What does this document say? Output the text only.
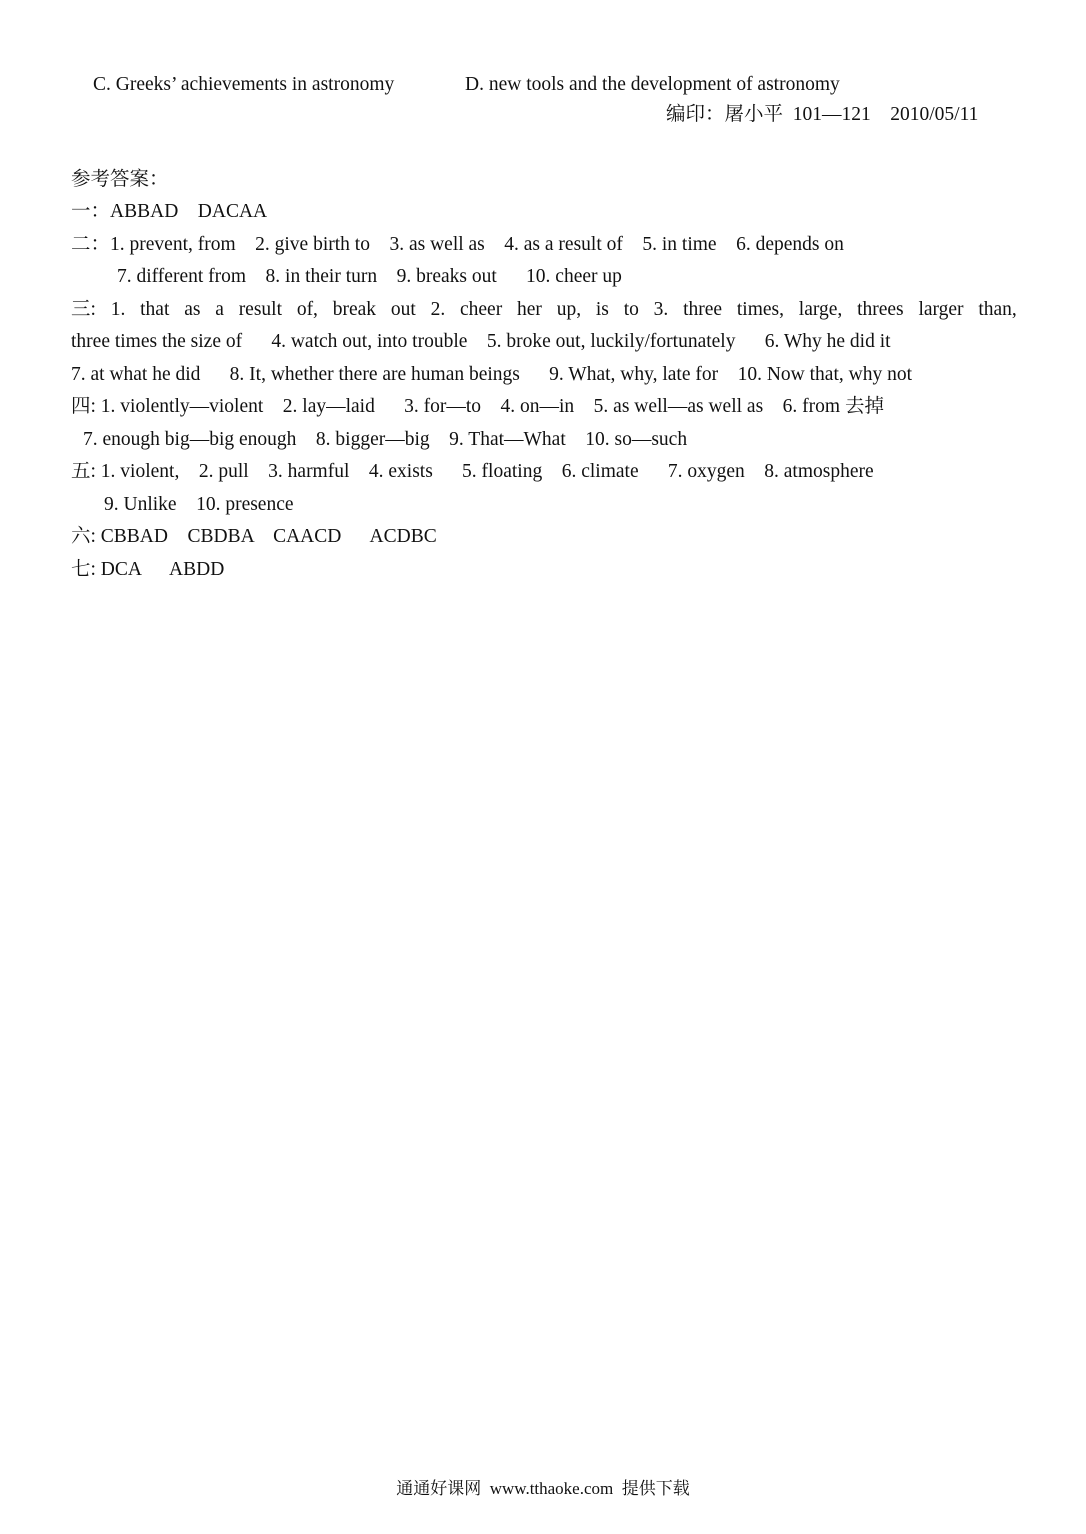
C. Greeks’ achievements in astronomy	D. new tools and the development of astronomy
编印：屠小平 101—121 2010/05/11
参考答案：
一：ABBAD    DACAA
二：1. prevent, from    2. give birth to    3. as well as    4. as a result of    5. in time    6. depends on
7. different from    8. in their turn    9. breaks out      10. cheer up
三: 1. that as a result of, break out 2. cheer her up, is to 3. three times, large, threes larger than,
three times the size of      4. watch out, into trouble    5. broke out, luckily/fortunately      6. Why he did it
7. at what he did      8. It, whether there are human beings      9. What, why, late for    10. Now that, why not
四: 1. violently—violent    2. lay—laid      3. for—to    4. on—in    5. as well—as well as    6. from 去掉
7. enough big—big enough    8. bigger—big    9. That—What    10. so—such
五: 1. violent,    2. pull    3. harmful    4. exists      5. floating    6. climate      7. oxygen    8. atmosphere
9. Unlike    10. presence
六: CBBAD    CBDBA    CAACD      ACDBC
七: DCA      ABDD
通通好课网  www.tthaoke.com  提供下载
